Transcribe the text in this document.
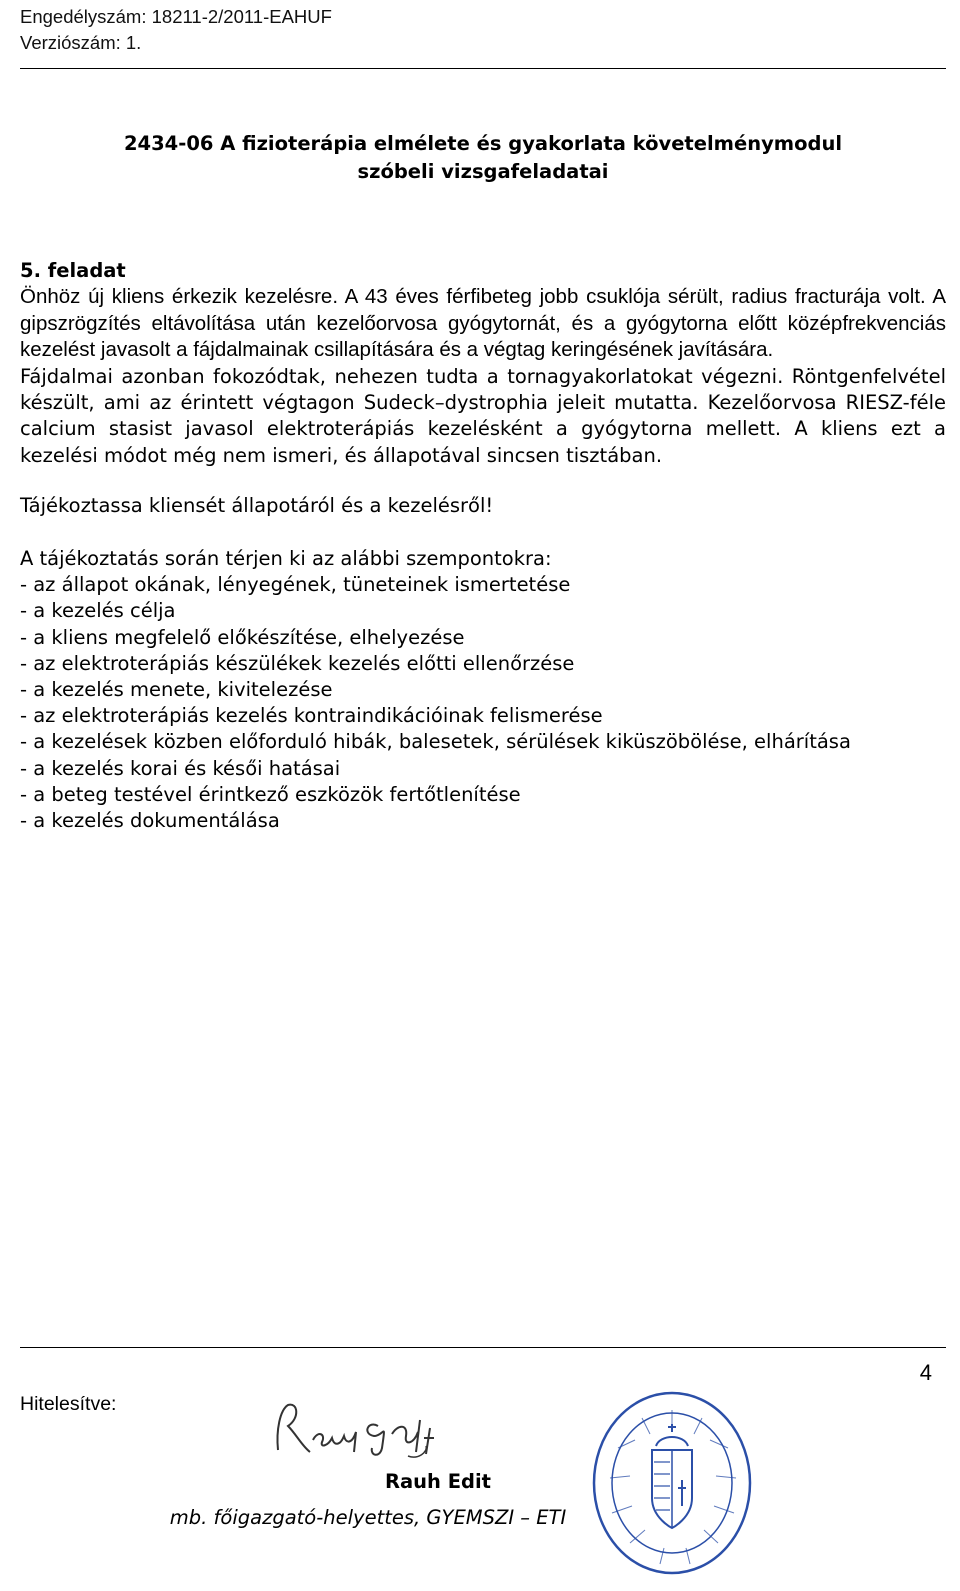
Engedélyszám: 18211-2/2011-EAHUF
Verziószám: 1.
2434-06 A fizioterápia elmélete és gyakorlata követelménymodul
szóbeli vizsgafeladatai
5. feladat

Önhöz új kliens érkezik kezelésre. A 43 éves férfibeteg jobb csuklója sérült, radius fracturája volt. A gipszrögzítés eltávolítása után kezelőorvosa gyógytornát, és a gyógytorna előtt középfrekvenciás kezelést javasolt a fájdalmainak csillapítására és a végtag keringésének javítására.

Fájdalmai azonban fokozódtak, nehezen tudta a tornagyakorlatokat végezni. Röntgenfelvétel készült, ami az érintett végtagon Sudeck–dystrophia jeleit mutatta. Kezelőorvosa RIESZ-féle calcium stasist javasol elektroterápiás kezelésként a gyógytorna mellett. A kliens ezt a kezelési módot még nem ismeri, és állapotával sincsen tisztában.

Tájékoztassa kliensét állapotáról és a kezelésről!
A tájékoztatás során térjen ki az alábbi szempontokra:
- az állapot okának, lényegének, tüneteinek ismertetése
- a kezelés célja
- a kliens megfelelő előkészítése, elhelyezése
- az elektroterápiás készülékek kezelés előtti ellenőrzése
- a kezelés menete, kivitelezése
- az elektroterápiás kezelés kontraindikációinak felismerése
- a kezelések közben előforduló hibák, balesetek, sérülések kiküszöbölése, elhárítása
- a kezelés korai és késői hatásai
- a beteg testével érintkező eszközök fertőtlenítése
- a kezelés dokumentálása
4
Hitelesítve:
Rauh Edit
mb. főigazgató-helyettes, GYEMSZI – ETI
